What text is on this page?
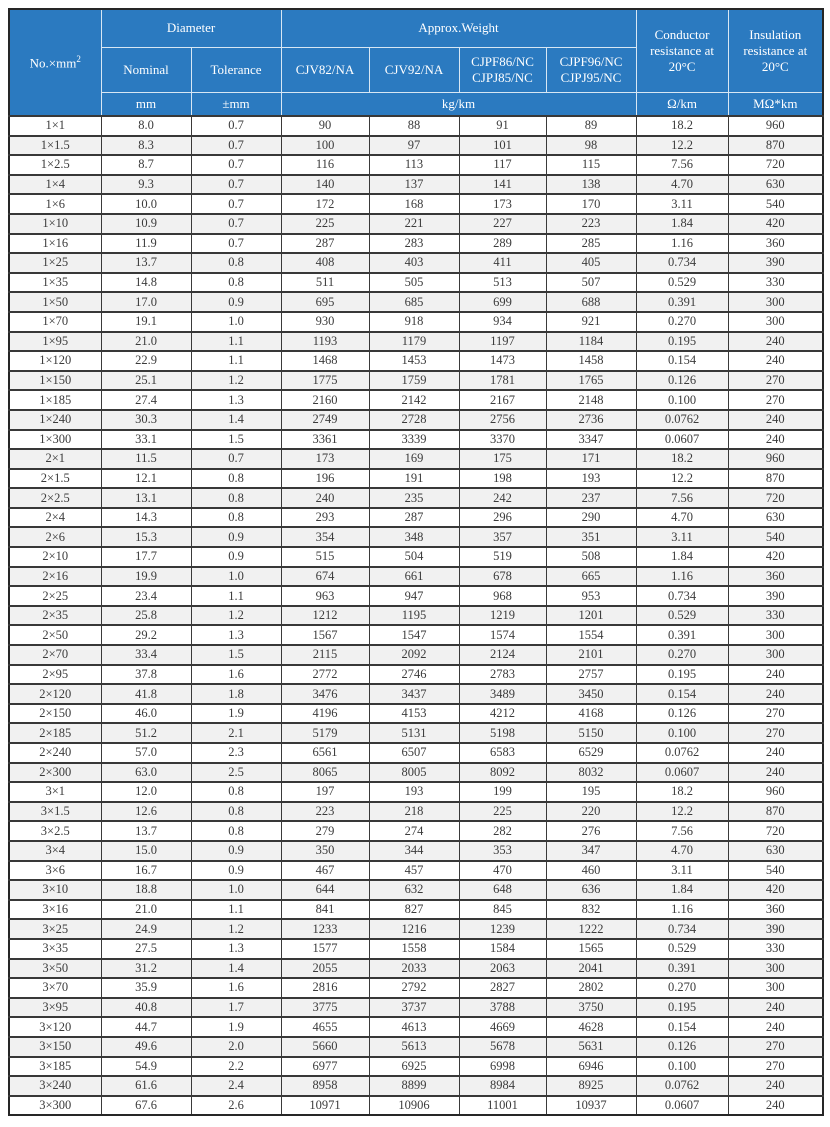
$No.\times mm^2$	Diameter		Approx.Weight				Conductor resistance at 20°C	Insulation resistance at 20°C
	Nominal	Tolerance	CJV82/NA	CJV92/NA	CJPF86/NC CJPJ85/NC	CJPF96/NC CJPJ95/NC		
	mm	±mm	kg/km				Ω/km	MΩ*km
1×1	8.0	0.7	90	88	91	89	18.2	960
1×1.5	8.3	0.7	100	97	101	98	12.2	870
1×2.5	8.7	0.7	116	113	117	115	7.56	720
1×4	9.3	0.7	140	137	141	138	4.70	630
1×6	10.0	0.7	172	168	173	170	3.11	540
1×10	10.9	0.7	225	221	227	223	1.84	420
1×16	11.9	0.7	287	283	289	285	1.16	360
1×25	13.7	0.8	408	403	411	405	0.734	390
1×35	14.8	0.8	511	505	513	507	0.529	330
1×50	17.0	0.9	695	685	699	688	0.391	300
1×70	19.1	1.0	930	918	934	921	0.270	300
1×95	21.0	1.1	1193	1179	1197	1184	0.195	240
1×120	22.9	1.1	1468	1453	1473	1458	0.154	240
1×150	25.1	1.2	1775	1759	1781	1765	0.126	270
1×185	27.4	1.3	2160	2142	2167	2148	0.100	270
1×240	30.3	1.4	2749	2728	2756	2736	0.0762	240
1×300	33.1	1.5	3361	3339	3370	3347	0.0607	240
2×1	11.5	0.7	173	169	175	171	18.2	960
2×1.5	12.1	0.8	196	191	198	193	12.2	870
2×2.5	13.1	0.8	240	235	242	237	7.56	720
2×4	14.3	0.8	293	287	296	290	4.70	630
2×6	15.3	0.9	354	348	357	351	3.11	540
2×10	17.7	0.9	515	504	519	508	1.84	420
2×16	19.9	1.0	674	661	678	665	1.16	360
2×25	23.4	1.1	963	947	968	953	0.734	390
2×35	25.8	1.2	1212	1195	1219	1201	0.529	330
2×50	29.2	1.3	1567	1547	1574	1554	0.391	300
2×70	33.4	1.5	2115	2092	2124	2101	0.270	300
2×95	37.8	1.6	2772	2746	2783	2757	0.195	240
2×120	41.8	1.8	3476	3437	3489	3450	0.154	240
2×150	46.0	1.9	4196	4153	4212	4168	0.126	270
2×185	51.2	2.1	5179	5131	5198	5150	0.100	270
2×240	57.0	2.3	6561	6507	6583	6529	0.0762	240
2×300	63.0	2.5	8065	8005	8092	8032	0.0607	240
3×1	12.0	0.8	197	193	199	195	18.2	960
3×1.5	12.6	0.8	223	218	225	220	12.2	870
3×2.5	13.7	0.8	279	274	282	276	7.56	720
3×4	15.0	0.9	350	344	353	347	4.70	630
3×6	16.7	0.9	467	457	470	460	3.11	540
3×10	18.8	1.0	644	632	648	636	1.84	420
3×16	21.0	1.1	841	827	845	832	1.16	360
3×25	24.9	1.2	1233	1216	1239	1222	0.734	390
3×35	27.5	1.3	1577	1558	1584	1565	0.529	330
3×50	31.2	1.4	2055	2033	2063	2041	0.391	300
3×70	35.9	1.6	2816	2792	2827	2802	0.270	300
3×95	40.8	1.7	3775	3737	3788	3750	0.195	240
3×120	44.7	1.9	4655	4613	4669	4628	0.154	240
3×150	49.6	2.0	5660	5613	5678	5631	0.126	270
3×185	54.9	2.2	6977	6925	6998	6946	0.100	270
3×240	61.6	2.4	8958	8899	8984	8925	0.0762	240
3×300	67.6	2.6	10971	10906	11001	10937	0.0607	240
